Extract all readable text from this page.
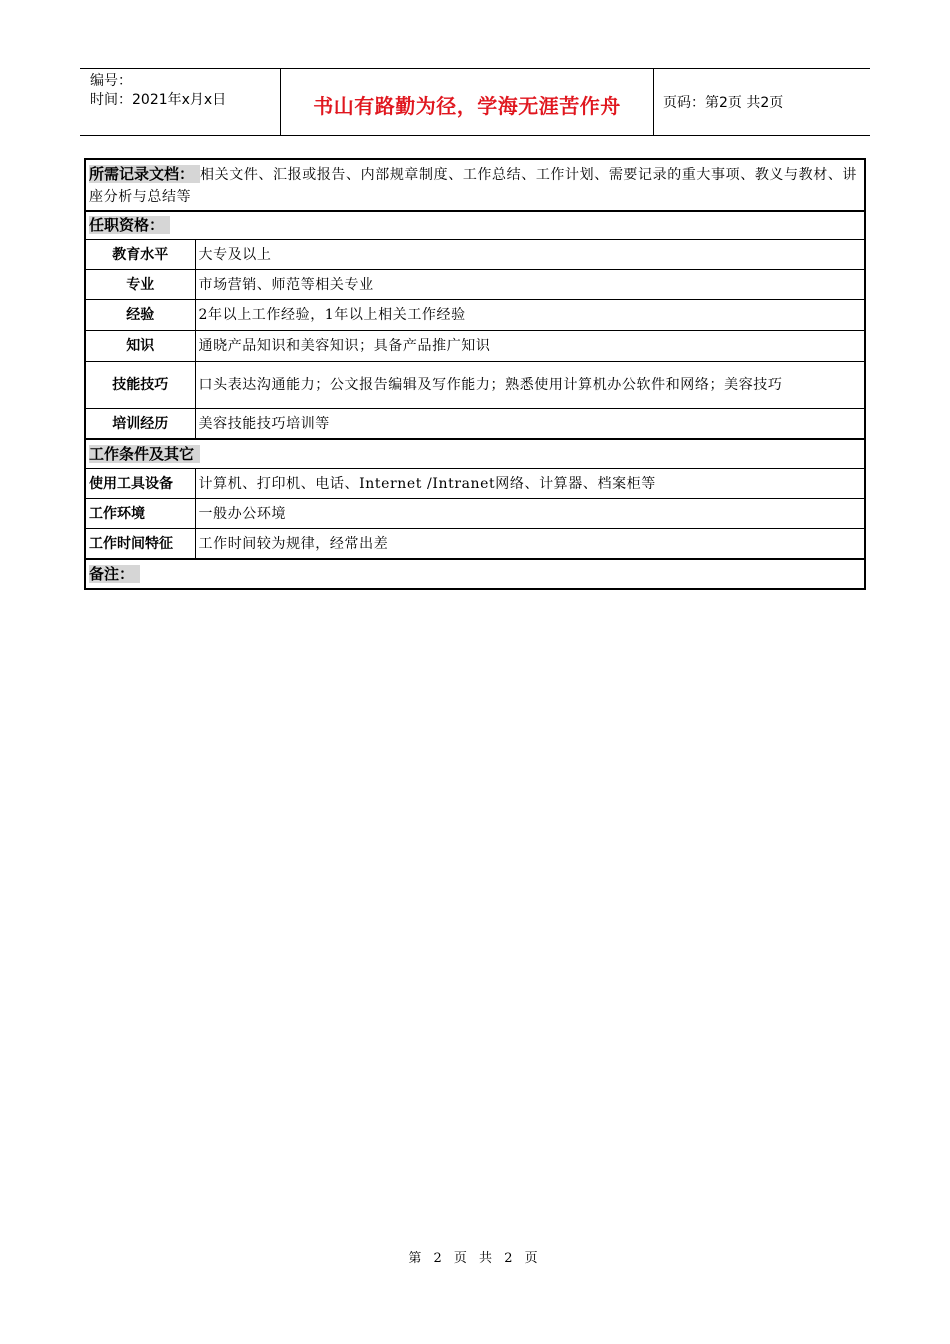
编号：
时间：2021年x月x日	书山有路勤为径，学海无涯苦作舟	页码：第2页 共2页
所需记录文档： 相关文件、汇报或报告、内部规章制度、工作总结、工作计划、需要记录的重大事项、教义与教材、讲座分析与总结等	
任职资格：	
教育水平	大专及以上
专业	市场营销、师范等相关专业
经验	2年以上工作经验，1年以上相关工作经验
知识	通晓产品知识和美容知识；具备产品推广知识
技能技巧	口头表达沟通能力；公文报告编辑及写作能力；熟悉使用计算机办公软件和网络；美容技巧
培训经历	美容技能技巧培训等
工作条件及其它	
使用工具设备	计算机、打印机、电话、Internet /Intranet网络、计算器、档案柜等
工作环境	一般办公环境
工作时间特征	工作时间较为规律，经常出差
备注：	
第 2 页 共 2 页
